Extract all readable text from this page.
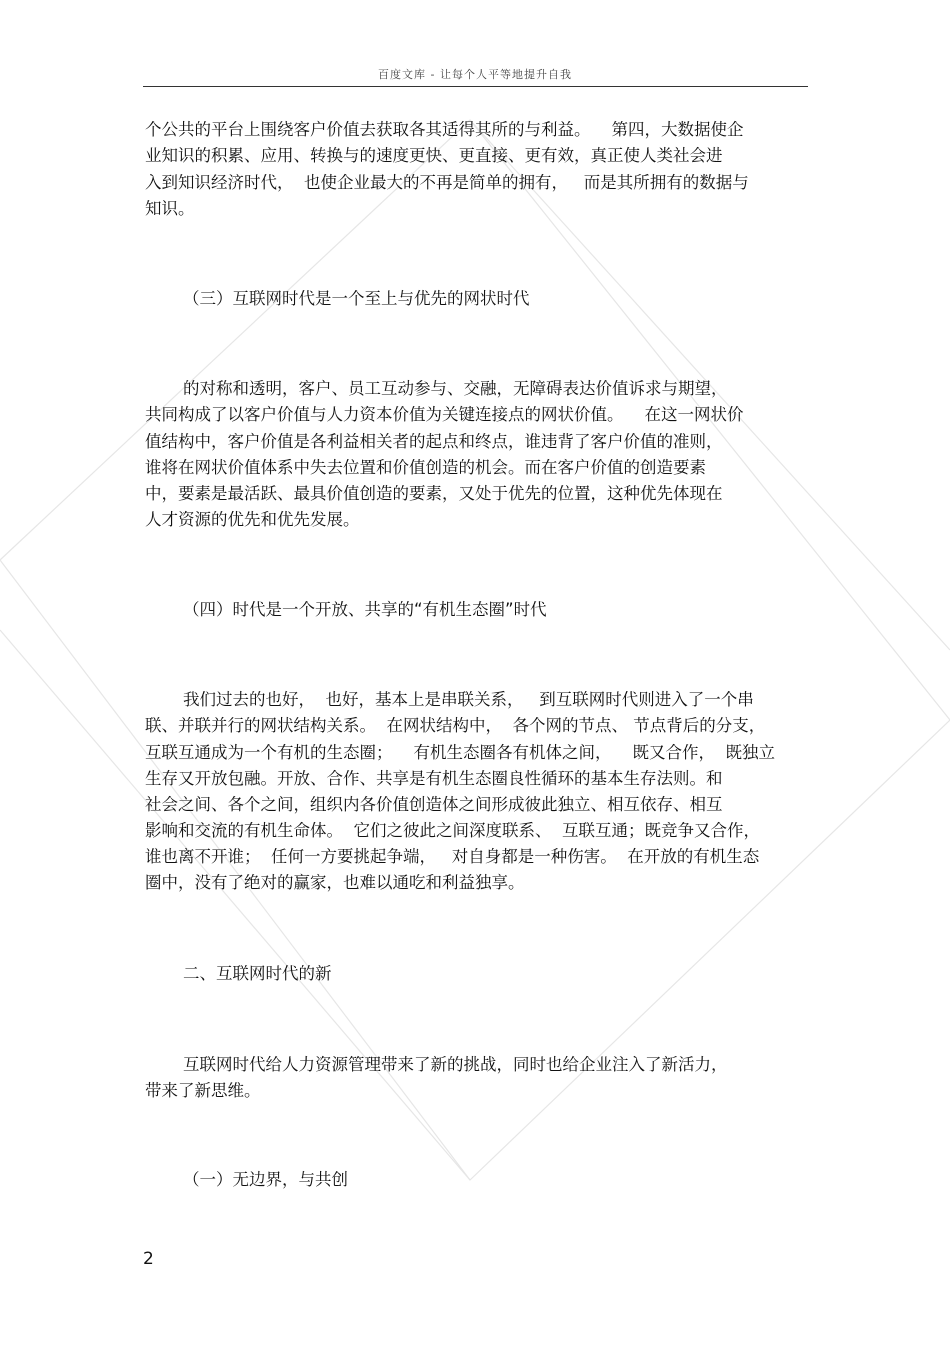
百度文库 - 让每个人平等地提升自我
个公共的平台上围绕客户价值去获取各其适得其所的与利益。    第四，大数据使企
业知识的积累、应用、转换与的速度更快、更直接、更有效，真正使人类社会进
入到知识经济时代，  也使企业最大的不再是简单的拥有，   而是其所拥有的数据与
知识。
（三）互联网时代是一个至上与优先的网状时代
的对称和透明，客户、员工互动参与、交融，无障碍表达价值诉求与期望，
共同构成了以客户价值与人力资本价值为关键连接点的网状价值。    在这一网状价
值结构中，客户价值是各利益相关者的起点和终点，谁违背了客户价值的准则，
谁将在网状价值体系中失去位置和价值创造的机会。而在客户价值的创造要素
中，要素是最活跃、最具价值创造的要素，又处于优先的位置，这种优先体现在
人才资源的优先和优先发展。
（四）时代是一个开放、共享的“有机生态圈”时代
我们过去的也好，  也好，基本上是串联关系，   到互联网时代则进入了一个串
联、并联并行的网状结构关系。  在网状结构中，  各个网的节点、 节点背后的分支，
互联互通成为一个有机的生态圈；    有机生态圈各有机体之间，    既又合作，  既独立
生存又开放包融。开放、合作、共享是有机生态圈良性循环的基本生存法则。和
社会之间、各个之间，组织内各价值创造体之间形成彼此独立、相互依存、相互
影响和交流的有机生命体。  它们之彼此之间深度联系、  互联互通；既竞争又合作，
谁也离不开谁；  任何一方要挑起争端，   对自身都是一种伤害。  在开放的有机生态
圈中，没有了绝对的赢家，也难以通吃和利益独享。
二、互联网时代的新
互联网时代给人力资源管理带来了新的挑战，同时也给企业注入了新活力，
带来了新思维。
（一）无边界，与共创
2
